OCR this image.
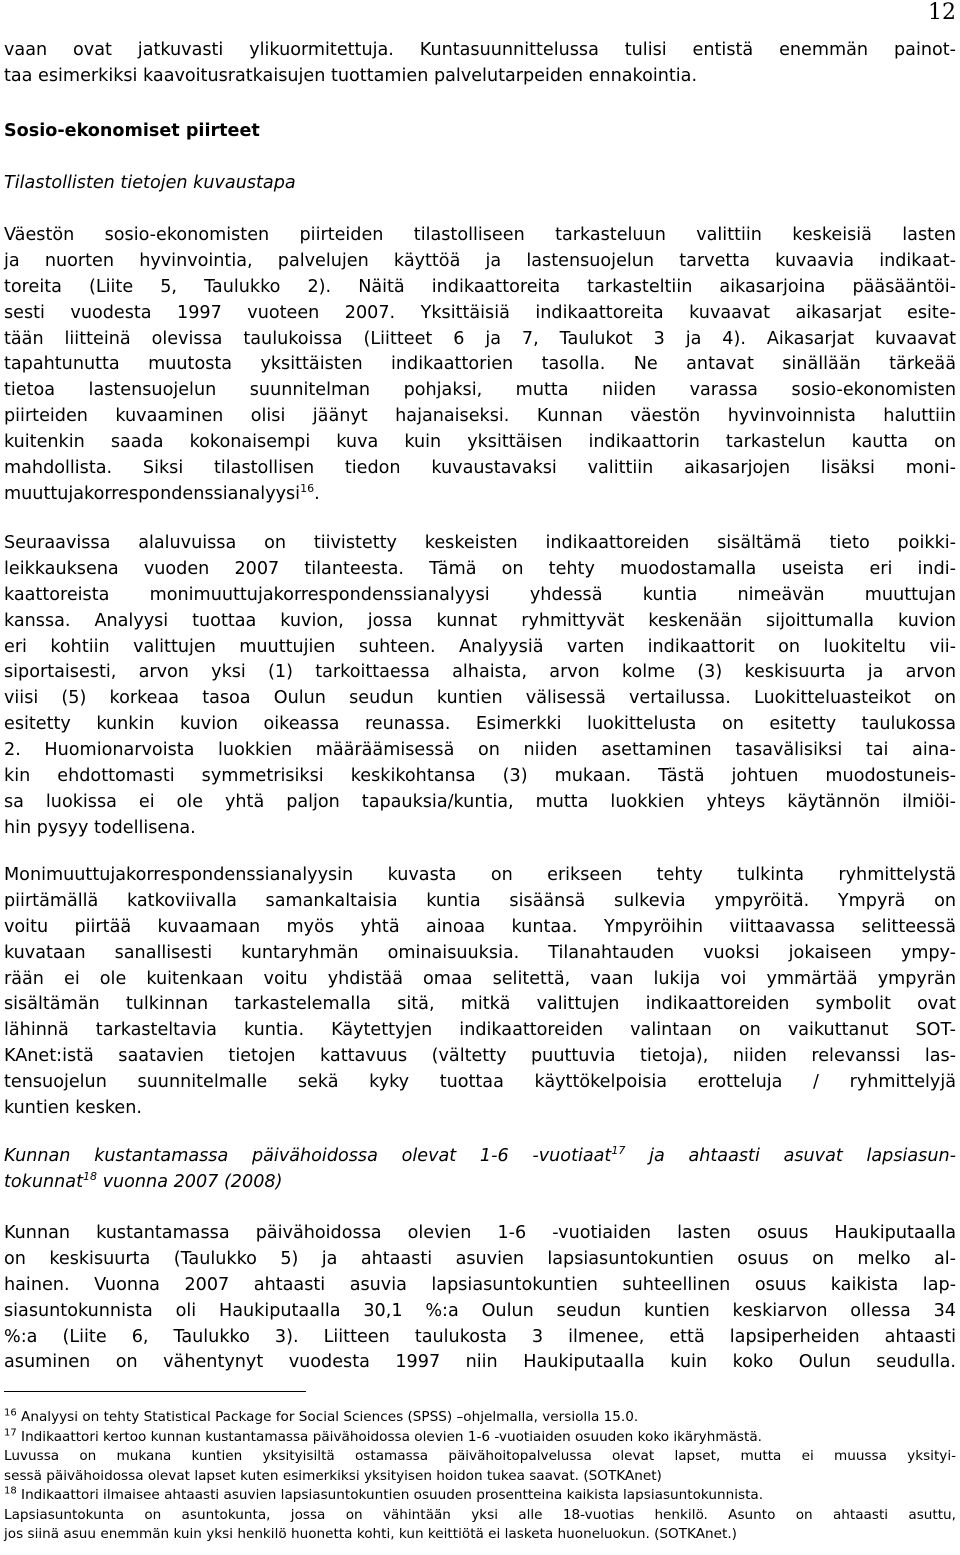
12
vaan ovat jatkuvasti ylikuormitettuja. Kuntasuunnittelussa tulisi entistä enemmän painot-
taa esimerkiksi kaavoitusratkaisujen tuottamien palvelutarpeiden ennakointia.
Sosio-ekonomiset piirteet
Tilastollisten tietojen kuvaustapa
Väestön sosio-ekonomisten piirteiden tilastolliseen tarkasteluun valittiin keskeisiä lasten
ja nuorten hyvinvointia, palvelujen käyttöä ja lastensuojelun tarvetta kuvaavia indikaat-
toreita (Liite 5, Taulukko 2). Näitä indikaattoreita tarkasteltiin aikasarjoina pääsääntöi-
sesti vuodesta 1997 vuoteen 2007. Yksittäisiä indikaattoreita kuvaavat aikasarjat esite-
tään liitteinä olevissa taulukoissa (Liitteet 6 ja 7, Taulukot 3 ja 4). Aikasarjat kuvaavat
tapahtunutta muutosta yksittäisten indikaattorien tasolla. Ne antavat sinällään tärkeää
tietoa lastensuojelun suunnitelman pohjaksi, mutta niiden varassa sosio-ekonomisten
piirteiden kuvaaminen olisi jäänyt hajanaiseksi. Kunnan väestön hyvinvoinnista haluttiin
kuitenkin saada kokonaisempi kuva kuin yksittäisen indikaattorin tarkastelun kautta on
mahdollista. Siksi tilastollisen tiedon kuvaustavaksi valittiin aikasarjojen lisäksi moni-
muuttujakorrespondenssianalyysi$^{16}$.
Seuraavissa alaluvuissa on tiivistetty keskeisten indikaattoreiden sisältämä tieto poikki-
leikkauksena vuoden 2007 tilanteesta. Tämä on tehty muodostamalla useista eri indi-
kaattoreista monimuuttujakorrespondenssianalyysi yhdessä kuntia nimeävän muuttujan
kanssa. Analyysi tuottaa kuvion, jossa kunnat ryhmittyvät keskenään sijoittumalla kuvion
eri kohtiin valittujen muuttujien suhteen. Analyysiä varten indikaattorit on luokiteltu vii-
siportaisesti, arvon yksi (1) tarkoittaessa alhaista, arvon kolme (3) keskisuurta ja arvon
viisi (5) korkeaa tasoa Oulun seudun kuntien välisessä vertailussa. Luokitteluasteikot on
esitetty kunkin kuvion oikeassa reunassa. Esimerkki luokittelusta on esitetty taulukossa
2. Huomionarvoista luokkien määräämisessä on niiden asettaminen tasavälisiksi tai aina-
kin ehdottomasti symmetrisiksi keskikohtansa (3) mukaan. Tästä johtuen muodostuneis-
sa luokissa ei ole yhtä paljon tapauksia/kuntia, mutta luokkien yhteys käytännön ilmiöi-
hin pysyy todellisena.
Monimuuttujakorrespondenssianalyysin kuvasta on erikseen tehty tulkinta ryhmittelystä
piirtämällä katkoviivalla samankaltaisia kuntia sisäänsä sulkevia ympyröitä. Ympyrä on
voitu piirtää kuvaamaan myös yhtä ainoaa kuntaa. Ympyröihin viittaavassa selitteessä
kuvataan sanallisesti kuntaryhmän ominaisuuksia. Tilanahtauden vuoksi jokaiseen ympy-
rään ei ole kuitenkaan voitu yhdistää omaa selitettä, vaan lukija voi ymmärtää ympyrän
sisältämän tulkinnan tarkastelemalla sitä, mitkä valittujen indikaattoreiden symbolit ovat
lähinnä tarkasteltavia kuntia. Käytettyjen indikaattoreiden valintaan on vaikuttanut SOT-
KAnet:istä saatavien tietojen kattavuus (vältetty puuttuvia tietoja), niiden relevanssi las-
tensuojelun suunnitelmalle sekä kyky tuottaa käyttökelpoisia erotteluja / ryhmittelyjä
kuntien kesken.
Kunnan kustantamassa päivähoidossa olevat 1-6 -vuotiaat$^{17}$ ja ahtaasti asuvat lapsiasun-
tokunnat$^{18}$ vuonna 2007 (2008)
Kunnan kustantamassa päivähoidossa olevien 1-6 -vuotiaiden lasten osuus Haukiputaalla
on keskisuurta (Taulukko 5) ja ahtaasti asuvien lapsiasuntokuntien osuus on melko al-
hainen. Vuonna 2007 ahtaasti asuvia lapsiasuntokuntien suhteellinen osuus kaikista lap-
siasuntokunnista oli Haukiputaalla 30,1 %:a Oulun seudun kuntien keskiarvon ollessa 34
%:a (Liite 6, Taulukko 3). Liitteen taulukosta 3 ilmenee, että lapsiperheiden ahtaasti
asuminen on vähentynyt vuodesta 1997 niin Haukiputaalla kuin koko Oulun seudulla.
$^{16}$ Analyysi on tehty Statistical Package for Social Sciences (SPSS) –ohjelmalla, versiolla 15.0.
$^{17}$ Indikaattori kertoo kunnan kustantamassa päivähoidossa olevien 1-6 -vuotiaiden osuuden koko ikäryhmästä.
Luvussa on mukana kuntien yksityisiltä ostamassa päivähoitopalvelussa olevat lapset, mutta ei muussa yksityi-
sessä päivähoidossa olevat lapset kuten esimerkiksi yksityisen hoidon tukea saavat. (SOTKAnet)
$^{18}$ Indikaattori ilmaisee ahtaasti asuvien lapsiasuntokuntien osuuden prosentteina kaikista lapsiasuntokunnista.
Lapsiasuntokunta on asuntokunta, jossa on vähintään yksi alle 18-vuotias henkilö. Asunto on ahtaasti asuttu,
jos siinä asuu enemmän kuin yksi henkilö huonetta kohti, kun keittiötä ei lasketa huoneluokun. (SOTKAnet.)
